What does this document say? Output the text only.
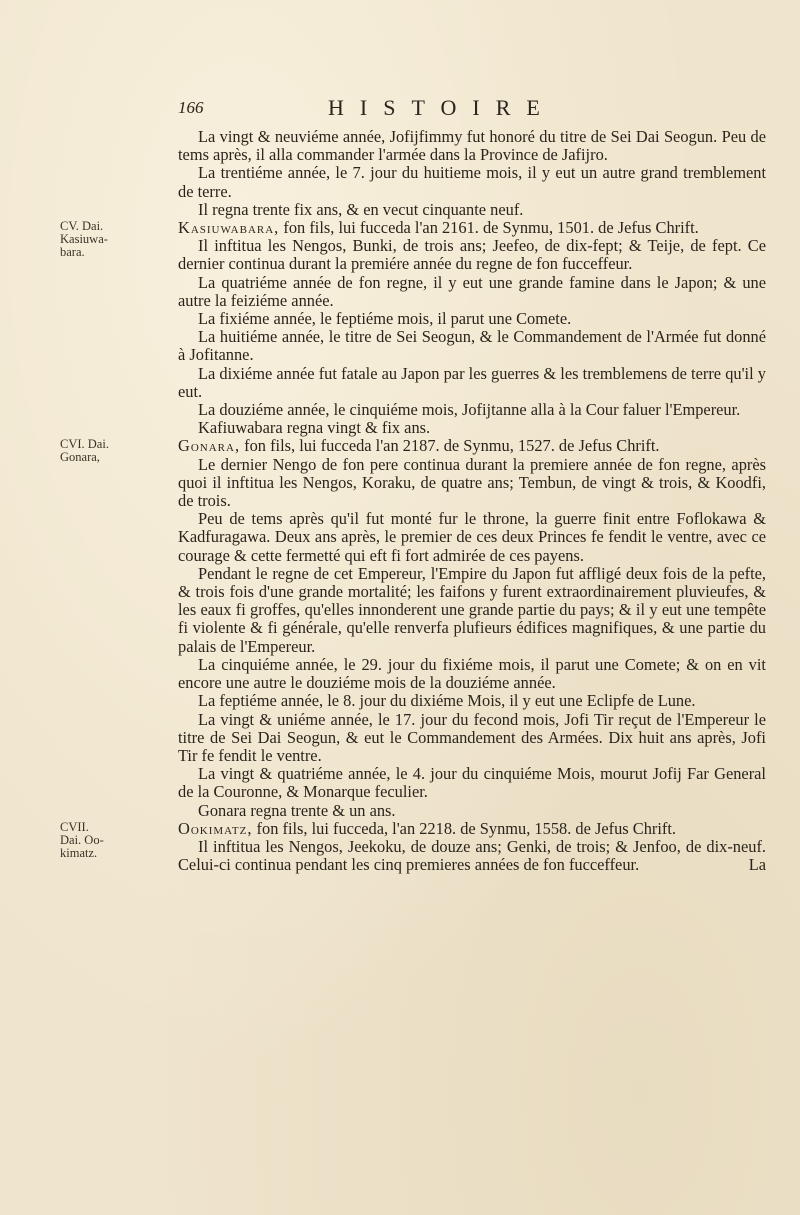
166	HISTOIRE
CV. Dai.
Kasiuwa-
bara.

La vingt & neuviéme année, Jofijfimmy fut honoré du titre de Sei Dai Seogun. Peu de tems après, il alla commander l'armée dans la Province de Jafijro.

La trentiéme année, le 7. jour du huitieme mois, il y eut un autre grand tremblement de terre.

Il regna trente fix ans, & en vecut cinquante neuf.

Kasiuwabara, fon fils, lui fucceda l'an 2161. de Synmu, 1501. de Jefus Chrift.

Il inftitua les Nengos, Bunki, de trois ans; Jeefeo, de dix-fept; & Teije, de fept. Ce dernier continua durant la premiére année du regne de fon fucceffeur.

La quatriéme année de fon regne, il y eut une grande famine dans le Japon; & une autre la feiziéme année.

La fixiéme année, le feptiéme mois, il parut une Comete.

La huitiéme année, le titre de Sei Seogun, & le Commandement de l'Armée fut donné à Jofitanne.

La dixiéme année fut fatale au Japon par les guerres & les tremblemens de terre qu'il y eut.

La douziéme année, le cinquiéme mois, Jofijtanne alla à la Cour faluer l'Empereur.

Kafiuwabara regna vingt & fix ans.

Gonara, fon fils, lui fucceda l'an 2187. de Synmu, 1527. de Jefus Chrift.

Le dernier Nengo de fon pere continua durant la premiere année de fon regne, après quoi il inftitua les Nengos, Koraku, de quatre ans; Tembun, de vingt & trois, & Koodfi, de trois.

Peu de tems après qu'il fut monté fur le throne, la guerre finit entre Foflokawa & Kadfuragawa. Deux ans après, le premier de ces deux Princes fe fendit le ventre, avec ce courage & cette fermetté qui eft fi fort admirée de ces payens.

Pendant le regne de cet Empereur, l'Empire du Japon fut affligé deux fois de la pefte, & trois fois d'une grande mortalité; les faifons y furent extraordinairement pluvieufes, & les eaux fi groffes, qu'elles innonderent une grande partie du pays; & il y eut une tempête fi violente & fi générale, qu'elle renverfa plufieurs édifices magnifiques, & une partie du palais de l'Empereur.

La cinquiéme année, le 29. jour du fixiéme mois, il parut une Comete; & on en vit encore une autre le douziéme mois de la douziéme année.

La feptiéme année, le 8. jour du dixiéme Mois, il y eut une Eclipfe de Lune.

La vingt & uniéme année, le 17. jour du fecond mois, Jofi Tir reçut de l'Empereur le titre de Sei Dai Seogun, & eut le Commandement des Armées. Dix huit ans après, Jofi Tir fe fendit le ventre.

La vingt & quatriéme année, le 4. jour du cinquiéme Mois, mourut Jofij Far General de la Couronne, & Monarque feculier.

Gonara regna trente & un ans.

Ookimatz, fon fils, lui fucceda, l'an 2218. de Synmu, 1558. de Jefus Chrift.

Il inftitua les Nengos, Jeekoku, de douze ans; Genki, de trois; & Jenfoo, de dix-neuf. Celui-ci continua pendant les cinq premieres années de fon fucceffeur.	La

CVI. Dai.
Gonara,
CVII.
Dai. Oo-
kimatz.
